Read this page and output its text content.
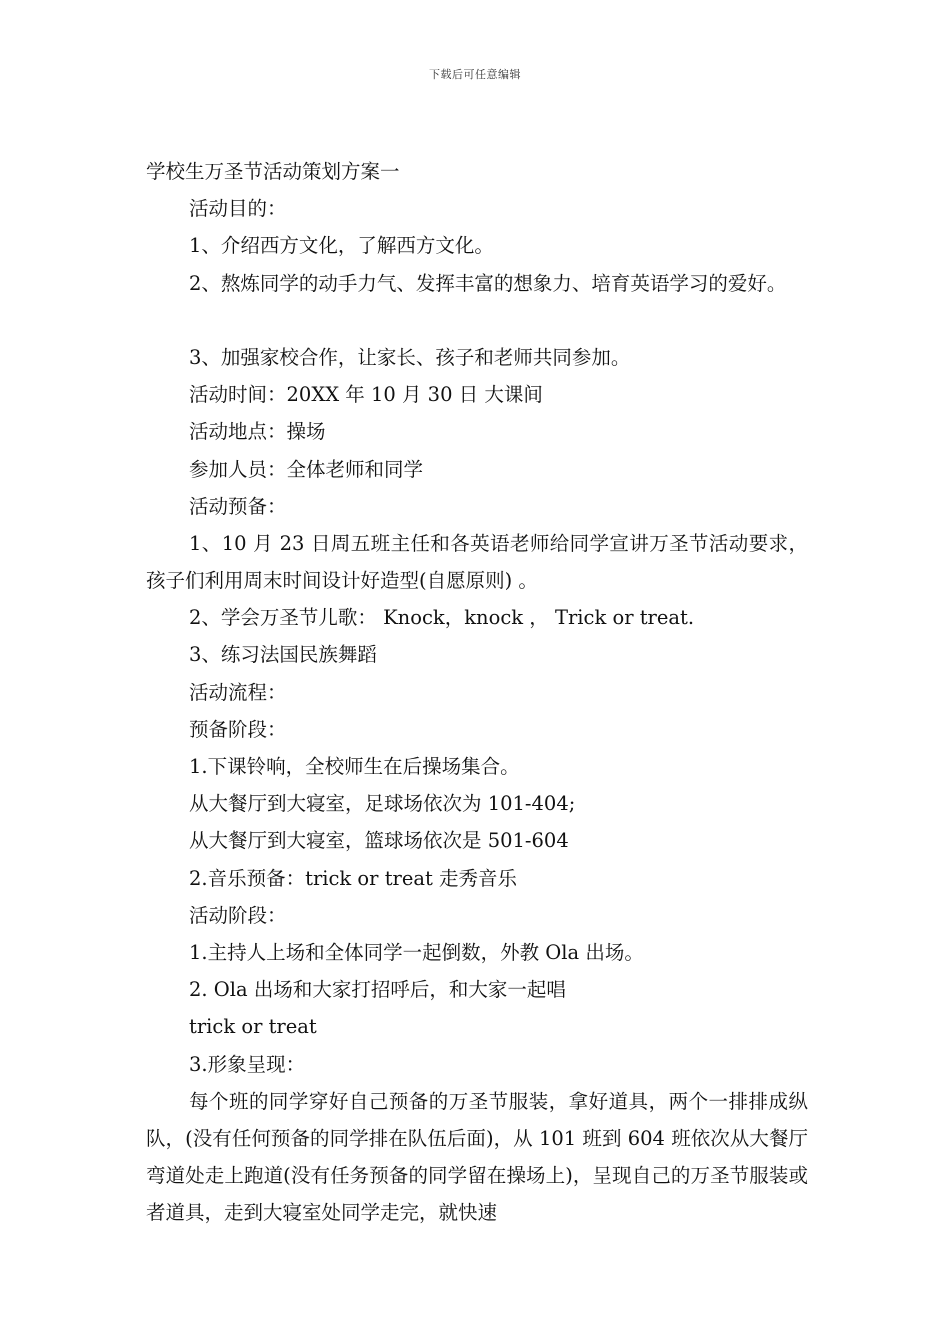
下载后可任意编辑
学校生万圣节活动策划方案一
活动目的：
1、介绍西方文化，了解西方文化。
2、熬炼同学的动手力气、发挥丰富的想象力、培育英语学习的爱好。
3、加强家校合作，让家长、孩子和老师共同参加。
活动时间：20XX 年 10 月 30 日 大课间
活动地点：操场
参加人员：全体老师和同学
活动预备：
1、10 月 23 日周五班主任和各英语老师给同学宣讲万圣节活动要求，孩子们利用周末时间设计好造型(自愿原则) 。
2、学会万圣节儿歌： Knock，knock ， Trick or treat.
3、练习法国民族舞蹈
活动流程：
预备阶段：
1.下课铃响，全校师生在后操场集合。
从大餐厅到大寝室，足球场依次为 101-404;
从大餐厅到大寝室，篮球场依次是 501-604
2.音乐预备：trick or treat 走秀音乐
活动阶段：
1.主持人上场和全体同学一起倒数，外教 Ola 出场。
2. Ola 出场和大家打招呼后，和大家一起唱
trick or treat
3.形象呈现：
每个班的同学穿好自己预备的万圣节服装，拿好道具，两个一排排成纵队，(没有任何预备的同学排在队伍后面)，从 101 班到 604 班依次从大餐厅弯道处走上跑道(没有任务预备的同学留在操场上)，呈现自己的万圣节服装或者道具，走到大寝室处同学走完，就快速
